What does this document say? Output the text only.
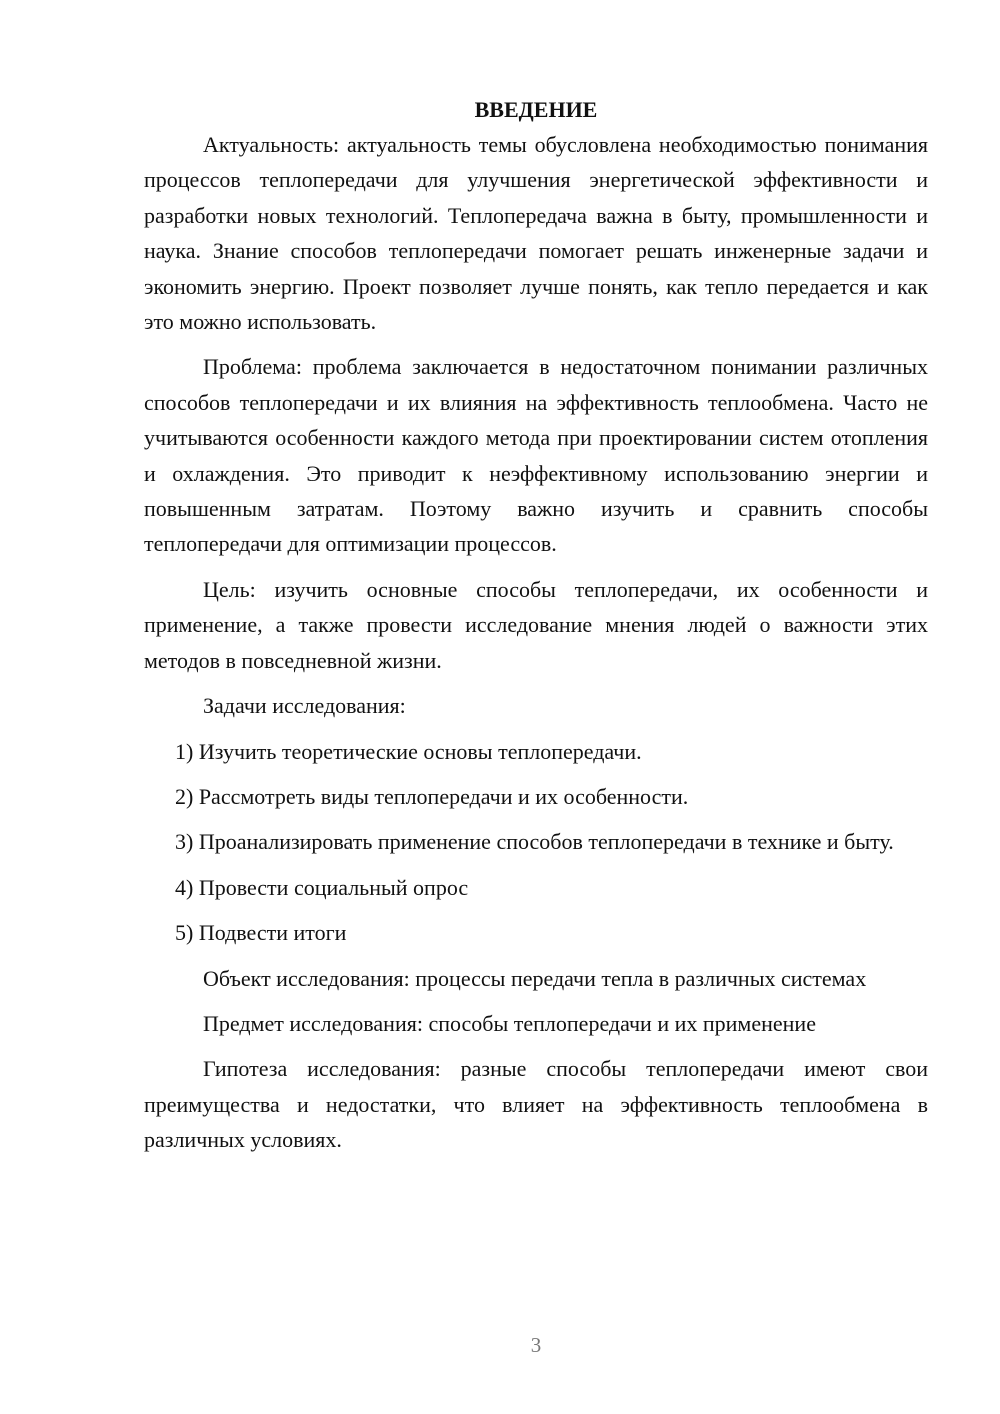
ВВЕДЕНИЕ

Актуальность: актуальность темы обусловлена необходимостью понимания процессов теплопередачи для улучшения энергетической эффективности и разработки новых технологий. Теплопередача важна в быту, промышленности и наука. Знание способов теплопередачи помогает решать инженерные задачи и экономить энергию. Проект позволяет лучше понять, как тепло передается и как это можно использовать.

Проблема: проблема заключается в недостаточном понимании различных способов теплопередачи и их влияния на эффективность теплообмена. Часто не учитываются особенности каждого метода при проектировании систем отопления и охлаждения. Это приводит к неэффективному использованию энергии и повышенным затратам. Поэтому важно изучить и сравнить способы теплопередачи для оптимизации процессов.

Цель: изучить основные способы теплопередачи, их особенности и применение, а также провести исследование мнения людей о важности этих методов в повседневной жизни.

Задачи исследования:

1) Изучить теоретические основы теплопередачи.

2) Рассмотреть виды теплопередачи и их особенности.

3) Проанализировать применение способов теплопередачи в технике и быту.

4) Провести социальный опрос

5) Подвести итоги

Объект исследования: процессы передачи тепла в различных системах

Предмет исследования: способы теплопередачи и их применение

Гипотеза исследования: разные способы теплопередачи имеют свои преимущества и недостатки, что влияет на эффективность теплообмена в различных условиях.

3
